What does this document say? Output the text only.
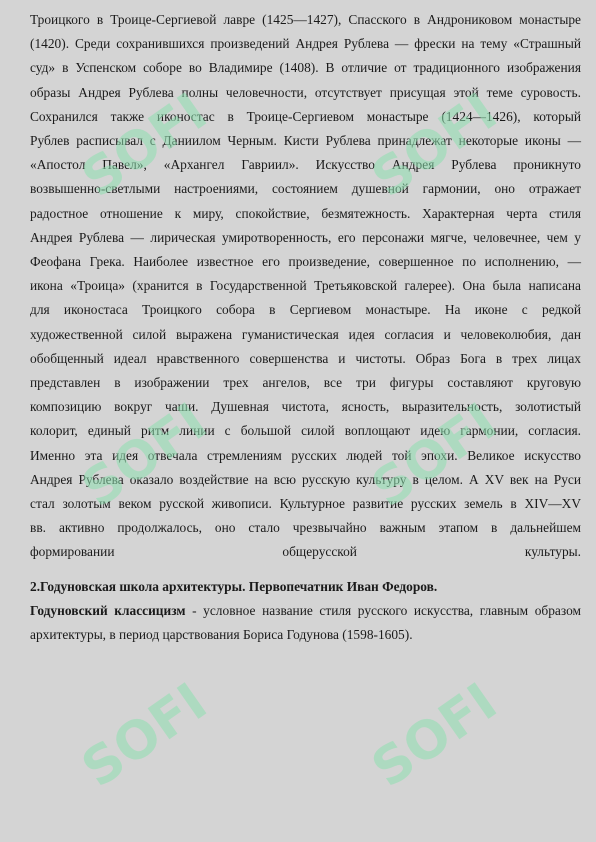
Троицкого в Троице-Сергиевой лавре (1425—1427), Спасского в Андрониковом монастыре
(1420). Среди сохранившихся произведений Андрея Рублева — фрески на тему «Страшный
суд» в Успенском соборе во Владимире (1408). В отличие от традиционного изображения
образы Андрея Рублева полны человечности, отсутствует присущая этой теме суровость.
Сохранился также иконостас в Троице-Сергиевом монастыре (1424—1426), который
Рублев расписывал с Даниилом Черным. Кисти Рублева принадлежат некоторые иконы —
«Апостол Павел», «Архангел Гавриил». Искусство Андрея Рублева проникнуто
возвышенно-светлыми настроениями, состоянием душевной гармонии, оно отражает
радостное отношение к миру, спокойствие, безмятежность. Характерная черта стиля
Андрея Рублева — лирическая умиротворенность, его персонажи мягче, человечнее, чем у
Феофана Грека. Наиболее известное его произведение, совершенное по исполнению, —
икона «Троица» (хранится в Государственной Третьяковской галерее). Она была написана
для иконостаса Троицкого собора в Сергиевом монастыре. На иконе с редкой
художественной силой выражена гуманистическая идея согласия и человеколюбия, дан
обобщенный идеал нравственного совершенства и чистоты. Образ Бога в трех лицах
представлен в изображении трех ангелов, все три фигуры составляют круговую
композицию вокруг чаши. Душевная чистота, ясность, выразительность, золотистый
колорит, единый ритм линии с большой силой воплощают идею гармонии, согласия.
Именно эта идея отвечала стремлениям русских людей той эпохи. Великое искусство
Андрея Рублева оказало воздействие на всю русскую культуру в целом. А XV век на Руси
стал золотым веком русской живописи. Культурное развитие русских земель в XIV—XV
вв. активно продолжалось, оно стало чрезвычайно важным этапом в дальнейшем
формировании общерусской культуры.
2.Годуновская школа архитектуры. Первопечатник Иван Федоров.
Годуновский классицизм - условное название стиля русского искусства, главным образом архитектуры, в период царствования Бориса Годунова (1598-1605).
SOFI	SOFI
SOFI	SOFI
SOFI	SOFI
